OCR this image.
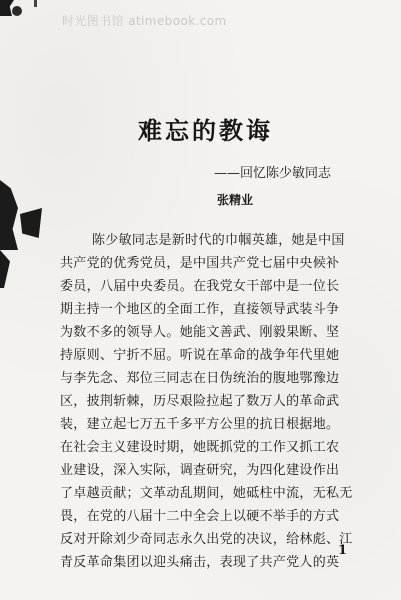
时光图书馆 atimebook.com
难忘的教诲
——回忆陈少敏同志
张精业
陈少敏同志是新时代的巾帼英雄，她是中国
共产党的优秀党员，是中国共产党七届中央候补
委员，八届中央委员。在我党女干部中是一位长
期主持一个地区的全面工作，直接领导武装斗争
为数不多的领导人。她能文善武、刚毅果断、坚
持原则、宁折不屈。听说在革命的战争年代里她
与李先念、郑位三同志在日伪统治的腹地鄂豫边
区，披荆斩棘，历尽艰险拉起了数万人的革命武
装，建立起七万五千多平方公里的抗日根据地。
在社会主义建设时期，她既抓党的工作又抓工农
业建设，深入实际，调查研究，为四化建设作出
了卓越贡献；文革动乱期间，她砥柱中流，无私无
畏，在党的八届十二中全会上以硬不举手的方式
反对开除刘少奇同志永久出党的决议，给林彪、江
青反革命集团以迎头痛击，表现了共产党人的英
1
